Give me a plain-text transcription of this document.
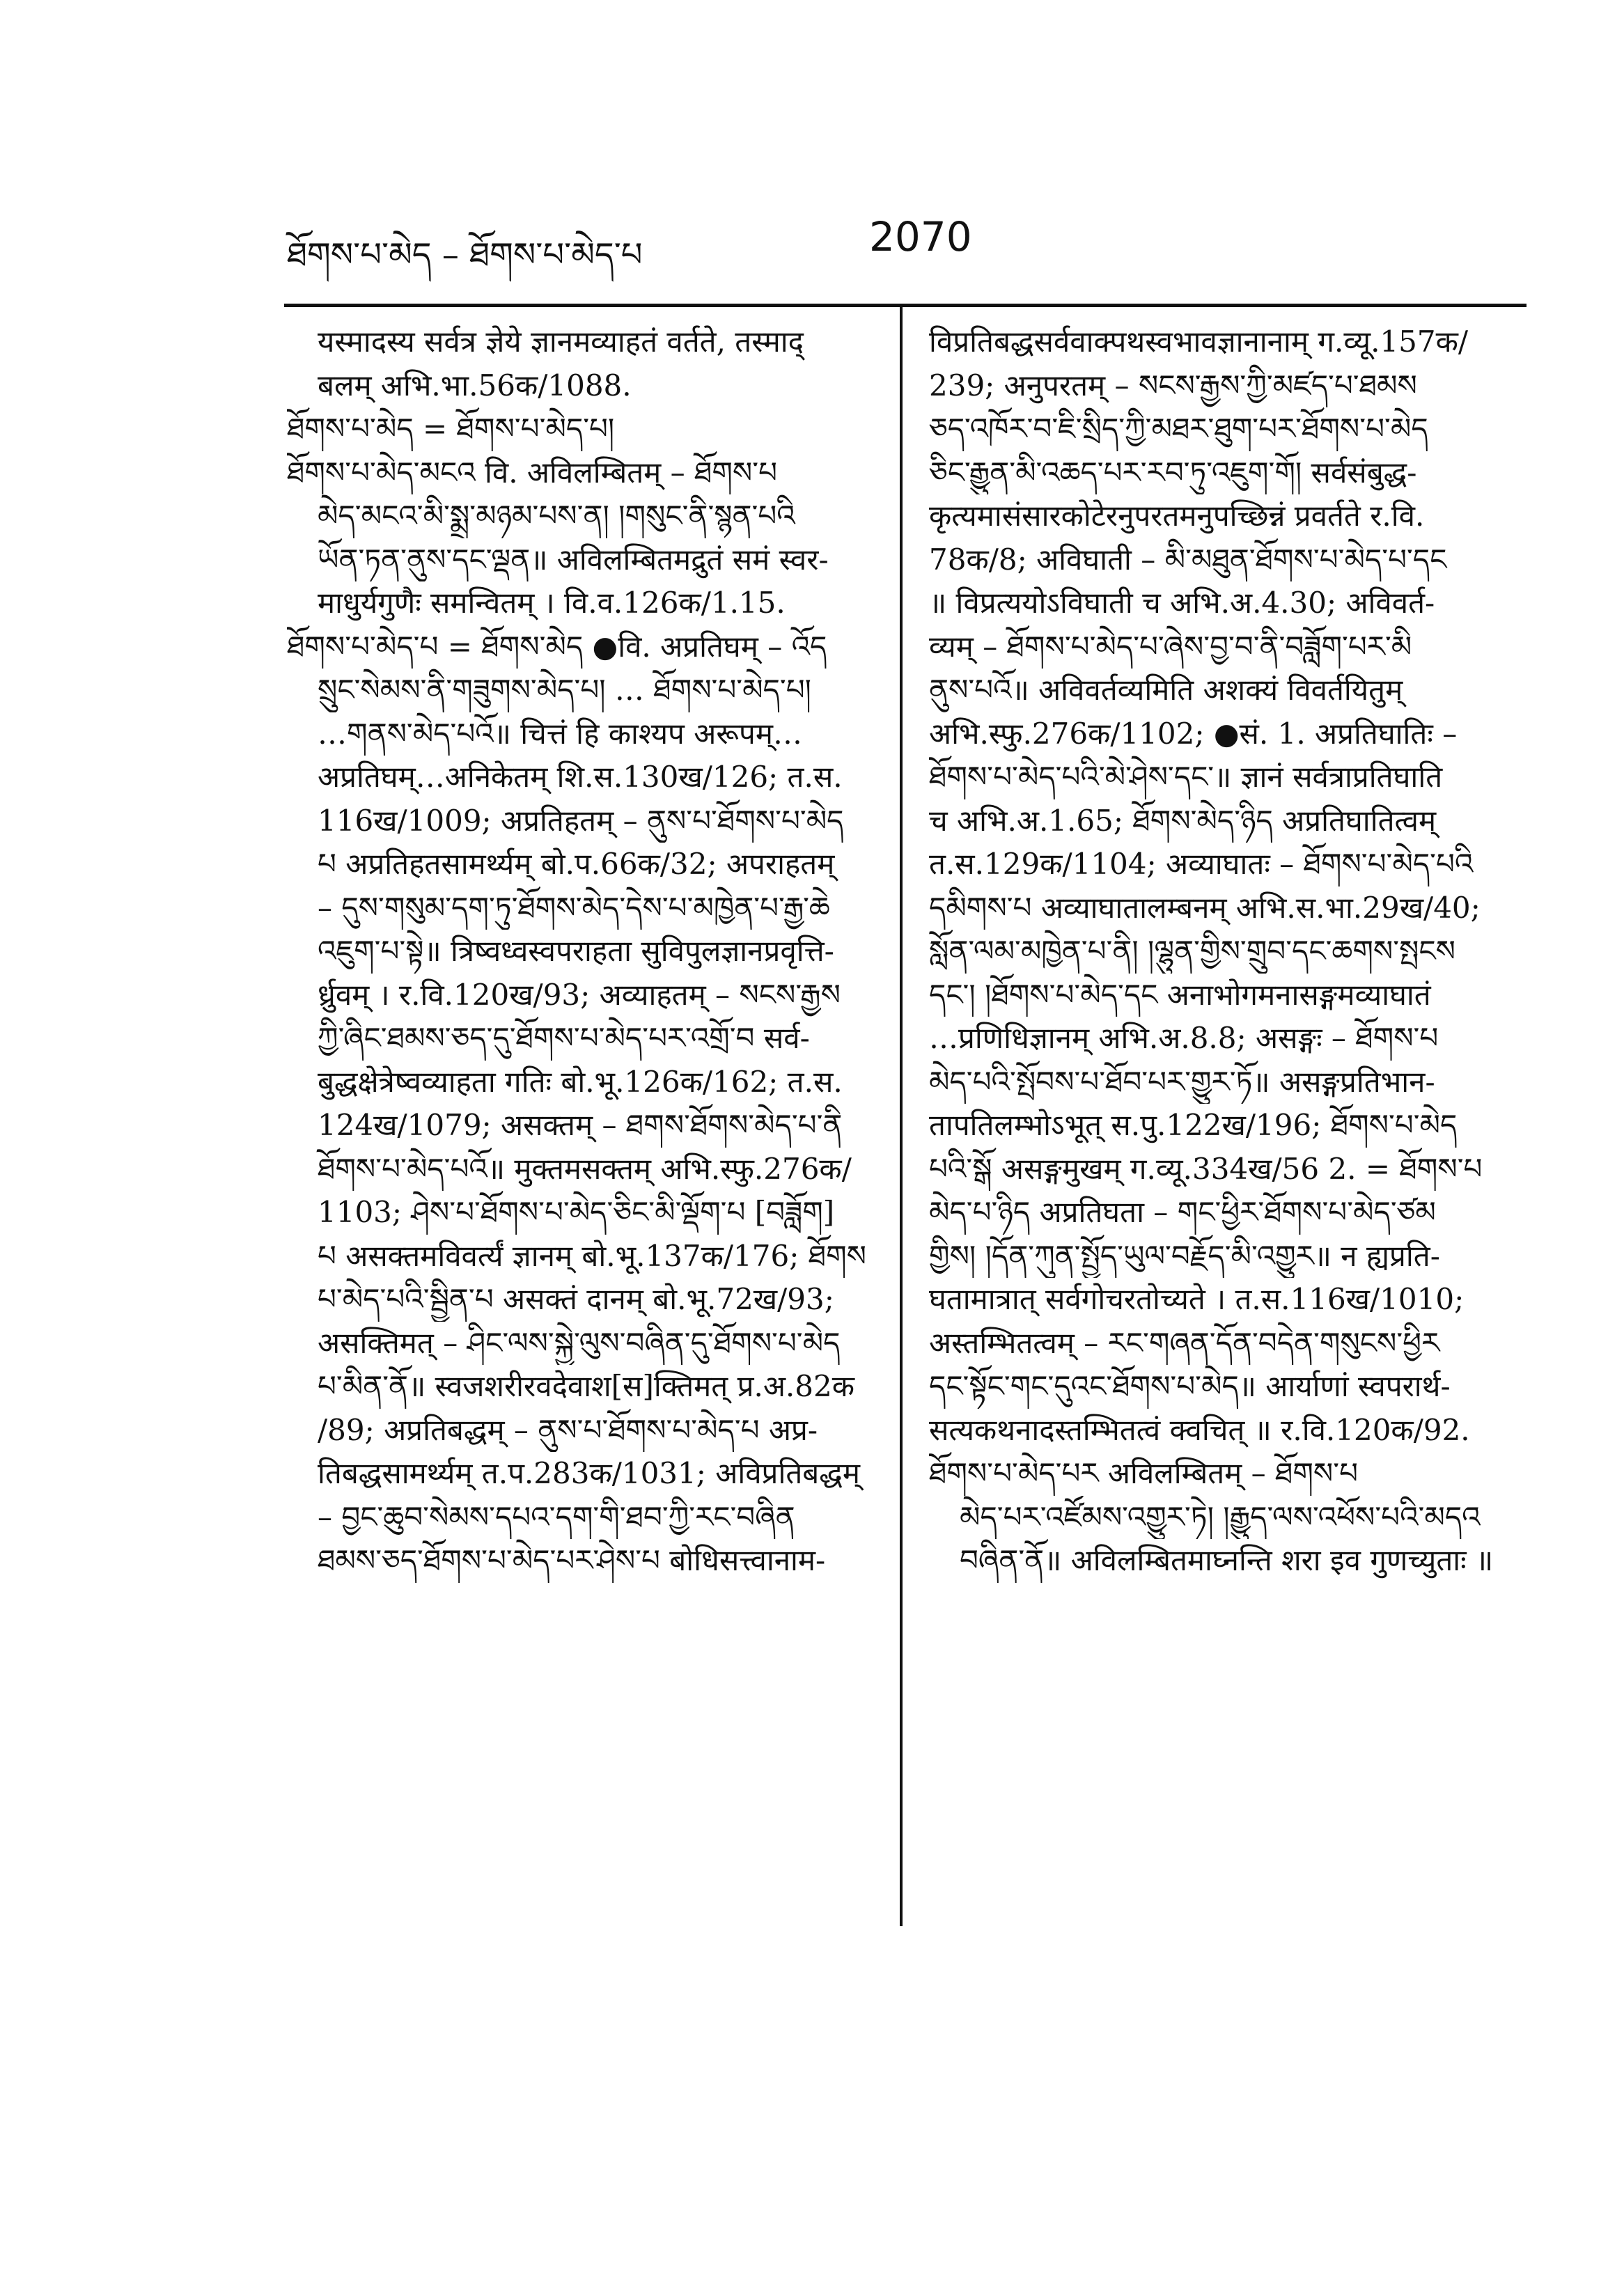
ཐོགས་པ་མེད – ཐོགས་པ་མེད་པ	2070
यस्मादस्य सर्वत्र ज्ञेये ज्ञानमव्याहतं वर्तते, तस्माद्
बलम् अभि.भा.56क/1088.
ཐོགས་པ་མེད = ཐོགས་པ་མེད་པ།
ཐོགས་པ་མེད་མངའ वि. अविलम्बितम् – ཐོགས་པ
མེད་མངའ་མི་སྨྲ་མཉམ་པས་ན། །གསུང་ནི་སྙན་པའི
ཡོན་ཏན་ནུས་དང་ལྡན॥ अविलम्बितमद्रुतं समं स्वर-
माधुर्यगुणैः समन्वितम् । वि.व.126क/1.15.
ཐོགས་པ་མེད་པ = ཐོགས་མེད ●वि. अप्रतिघम् – འོད
སྲུང་སེམས་ནི་གཟུགས་མེད་པ། … ཐོགས་པ་མེད་པ།
…གནས་མེད་པའོ॥ चित्तं हि काश्यप अरूपम्…
अप्रतिघम्…अनिकेतम् शि.स.130ख/126; त.स.
116ख/1009; अप्रतिहतम् – ནུས་པ་ཐོགས་པ་མེད
པ अप्रतिहतसामर्थ्यम् बो.प.66क/32; अपराहतम्
– དུས་གསུམ་དག་ཏུ་ཐོགས་མེད་དེས་པ་མཁྱེན་པ་རྒྱ་ཆེ
འཇུག་པ་སྟེ॥ त्रिष्वध्वस्वपराहता सुविपुलज्ञानप्रवृत्ति-
र्ध्रुवम् । र.वि.120ख/93; अव्याहतम् – སངས་རྒྱས
ཀྱི་ཞིང་ཐམས་ཅད་དུ་ཐོགས་པ་མེད་པར་འགྲོ་བ सर्व-
बुद्धक्षेत्रेष्वव्याहता गतिः बो.भू.126क/162; त.स.
124ख/1079; असक्तम् – ཐགས་ཐོགས་མེད་པ་ནི
ཐོགས་པ་མེད་པའོ॥ मुक्तमसक्तम् अभि.स्फु.276क/
1103; ཤེས་པ་ཐོགས་པ་མེད་ཅིང་མི་ལྡོག་པ [བཟློག]
པ असक्तमविवर्त्यं ज्ञानम् बो.भू.137क/176; ཐོགས
པ་མེད་པའི་སྦྱིན་པ असक्तं दानम् बो.भू.72ख/93;
असक्तिमत् – ཤིང་ལས་སྐྱེ་ལུས་བཞིན་དུ་ཐོགས་པ་མེད
པ་མིན་ནོ॥ स्वजशरीरवदेवाश[स]क्तिमत् प्र.अ.82क
/89; अप्रतिबद्धम् – ནུས་པ་ཐོགས་པ་མེད་པ अप्र-
तिबद्धसामर्थ्यम् त.प.283क/1031; अविप्रतिबद्धम्
– བྱང་ཆུབ་སེམས་དཔའ་དག་གི་ཐབ་ཀྱི་རང་བཞིན
ཐམས་ཅད་ཐོགས་པ་མེད་པར་ཤེས་པ बोधिसत्त्वानाम-
विप्रतिबद्धसर्ववाक्पथस्वभावज्ञानानाम् ग.व्यू.157क/
239; अनुपरतम् – སངས་རྒྱས་ཀྱི་མཛད་པ་ཐམས
ཅད་འཁོར་བ་ཇི་སྲིད་ཀྱི་མཐར་ཐུག་པར་ཐོགས་པ་མེད
ཅིང་རྒྱུན་མི་འཆད་པར་རབ་ཏུ་འཇུག་གོ། सर्वसंबुद्ध-
कृत्यमासंसारकोटेरनुपरतमनुपच्छिन्नं प्रवर्तते र.वि.
78क/8; अविघाती – མི་མཐུན་ཐོགས་པ་མེད་པ་དང
॥ विप्रत्ययोऽविघाती च अभि.अ.4.30; अविवर्त-
व्यम् – ཐོགས་པ་མེད་པ་ཞེས་བྱ་བ་ནི་བཟློག་པར་མི
ནུས་པའོ॥ अविवर्तव्यमिति अशक्यं विवर्तयितुम्
अभि.स्फु.276क/1102; ●सं. 1. अप्रतिघातिः –
ཐོགས་པ་མེད་པའི་མེ་ཤེས་དང་॥ ज्ञानं सर्वत्राप्रतिघाति
च अभि.अ.1.65; ཐོགས་མེད་ཉིད अप्रतिघातित्वम्
त.स.129क/1104; अव्याघातः – ཐོགས་པ་མེད་པའི
དམིགས་པ अव्याघातालम्बनम् अभि.स.भा.29ख/40;
སློན་ལམ་མཁྱེན་པ་ནི། །ལྷུན་གྱིས་གྲུབ་དང་ཆགས་སྤངས
དང་། །ཐོགས་པ་མེད་དང अनाभोगमनासङ्गमव्याघातं
…प्रणिधिज्ञानम् अभि.अ.8.8; असङ्गः – ཐོགས་པ
མེད་པའི་སྤོབས་པ་ཐོབ་པར་གྱུར་ཏོ॥ असङ्गप्रतिभान-
तापतिलम्भोऽभूत् स.पु.122ख/196; ཐོགས་པ་མེད
པའི་སྒོ असङ्गमुखम् ग.व्यू.334ख/56 2. = ཐོགས་པ
མེད་པ་ཉིད अप्रतिघता – གང་ཕྱིར་ཐོགས་པ་མེད་ཙམ
གྱིས། །དོན་ཀུན་སྤྱོད་ཡུལ་བརྗོད་མི་འགྱུར॥ न ह्यप्रति-
घतामात्रात् सर्वगोचरतोच्यते । त.स.116ख/1010;
अस्तम्भितत्वम् – རང་གཞན་དོན་བདེན་གསུངས་ཕྱིར
དང་སྟོང་གང་དུའང་ཐོགས་པ་མེད॥ आर्याणां स्वपरार्थ-
सत्यकथनादस्तम्भितत्वं क्वचित् ॥ र.वि.120क/92.
ཐོགས་པ་མེད་པར अविलम्बितम् – ཐོགས་པ
མེད་པར་འཛོམས་འགྱུར་ཏེ། །རྒྱུད་ལས་འཕོས་པའི་མདའ
བཞིན་ནོ॥ अविलम्बितमाघ्नन्ति शरा इव गुणच्युताः ॥
